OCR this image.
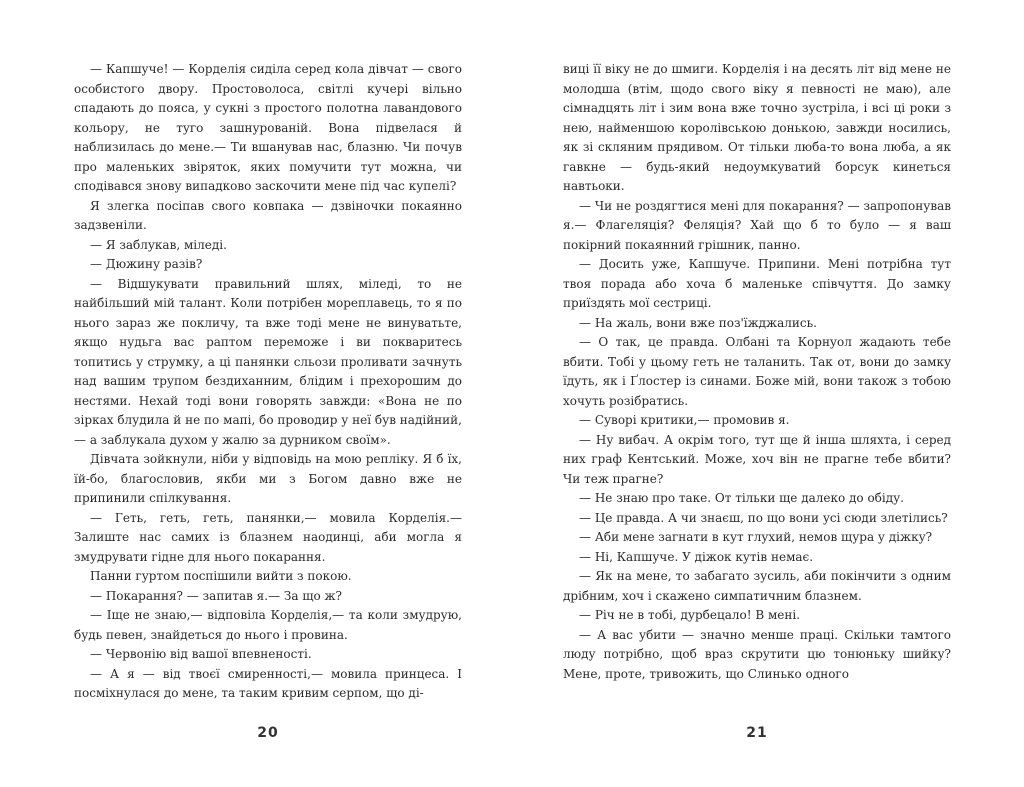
— Капшуче! — Корделія сиділа серед кола дівчат — свого особистого двору. Простоволоса, світлі кучері вільно спадають до пояса, у сукні з простого полотна лавандового кольору, не туго зашнурованій. Вона підвелася й наблизилась до мене.— Ти вшанував нас, блазню. Чи почув про маленьких звіряток, яких помучити тут можна, чи сподівався знову випадково заскочити мене під час купелі?

Я злегка посіпав свого ковпака — дзвіночки покаянно задзвеніли.

— Я заблукав, міледі.

— Дюжину разів?

— Відшукувати правильний шлях, міледі, то не найбільший мій талант. Коли потрібен мореплавець, то я по нього зараз же покличу, та вже тоді мене не винуватьте, якщо нудьга вас раптом переможе і ви покваритесь топитись у струмку, а ці панянки сльози проливати зачнуть над вашим трупом бездиханним, блідим і прехорошим до нестями. Нехай тоді вони говорять завжди: «Вона не по зірках блудила й не по мапі, бо проводир у неї був надійний,— а заблукала духом у жалю за дурником своїм».

Дівчата зойкнули, ніби у відповідь на мою репліку. Я б їх, їй-бо, благословив, якби ми з Богом давно вже не припинили спілкування.

— Геть, геть, геть, панянки,— мовила Корделія.— Залиште нас самих із блазнем наодинці, аби могла я змудрувати гідне для нього покарання.

Панни гуртом поспішили вийти з покою.

— Покарання? — запитав я.— За що ж?

— Іще не знаю,— відповіла Корделія,— та коли змудрую, будь певен, знайдеться до нього і провина.

— Червонію від вашої впевненості.

— А я — від твоєї смиренності,— мовила принцеса. І посміхнулася до мене, та таким кривим серпом, що ді-

20

виці її віку не до шмиги. Корделія і на десять літ від мене не молодша (втім, щодо свого віку я певності не маю), але сімнадцять літ і зим вона вже точно зустріла, і всі ці роки з нею, найменшою королівською донькою, завжди носились, як зі скляним прядивом. От тільки люба-то вона люба, а як гавкне — будь-який недоумкуватий борсук кинеться навтьоки.

— Чи не роздягтися мені для покарання? — запропонував я.— Флагеляція? Феляція? Хай що б то було — я ваш покірний покаянний грішник, панно.

— Досить уже, Капшуче. Припини. Мені потрібна тут твоя порада або хоча б маленьке співчуття. До замку приїздять мої сестриці.

— На жаль, вони вже поз'їжджались.

— О так, це правда. Олбані та Корнуол жадають тебе вбити. Тобі у цьому геть не таланить. Так от, вони до замку їдуть, як і Ґлостер із синами. Боже мій, вони також з тобою хочуть розібратись.

— Суворі критики,— промовив я.

— Ну вибач. А окрім того, тут ще й інша шляхта, і серед них граф Кентський. Може, хоч він не прагне тебе вбити? Чи теж прагне?

— Не знаю про таке. От тільки ще далеко до обіду.

— Це правда. А чи знаєш, по що вони усі сюди злетілись?

— Аби мене загнати в кут глухий, немов щура у діжку?

— Ні, Капшуче. У діжок кутів немає.

— Як на мене, то забагато зусиль, аби покінчити з одним дрібним, хоч і скажено симпатичним блазнем.

— Річ не в тобі, дурбецало! В мені.

— А вас убити — значно менше праці. Скільки тамтого люду потрібно, щоб враз скрутити цю тонюньку шийку? Мене, проте, тривожить, що Слинько одного

21
